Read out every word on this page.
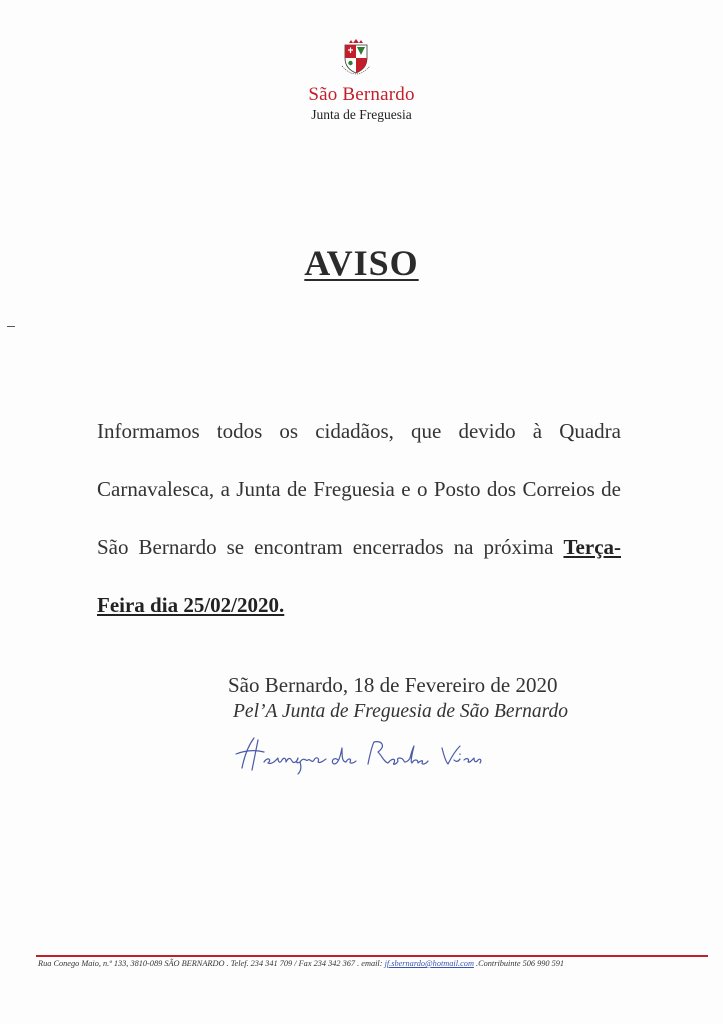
São Bernardo
Junta de Freguesia
AVISO
Informamos todos os cidadãos, que devido à Quadra Carnavalesca, a Junta de Freguesia e o Posto dos Correios de São Bernardo se encontram encerrados na próxima Terça-Feira dia 25/02/2020.
São Bernardo, 18 de Fevereiro de 2020
Pel’A Junta de Freguesia de São Bernardo
Rua Conego Maio, n.º 133, 3810-089 SÃO BERNARDO . Telef. 234 341 709 / Fax 234 342 367 . email: jf.sbernardo@hotmail.com .Contribuinte 506 990 591
